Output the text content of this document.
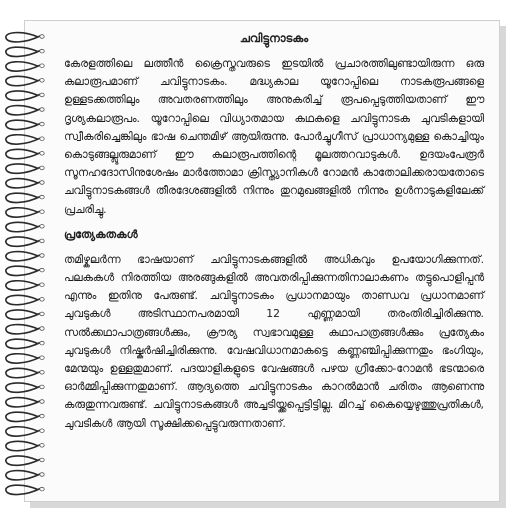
ചവിട്ടുനാടകം

കേരളത്തിലെ ലത്തീൻ ക്രൈസ്തവരുടെ ഇടയിൽ പ്രചാരത്തിലുണ്ടായിരുന്ന ഒരു കലാരൂപമാണ് ചവിട്ടുനാടകം. മദ്ധ്യകാല യൂറോപ്പിലെ നാടകരൂപങ്ങളെ ഉള്ളടക്കത്തിലും അവതരണത്തിലും അനുകരിച്ച് രൂപപ്പെടുത്തിയതാണ് ഈ ദൃശ്യകലാരൂപം. യൂറോപ്പിലെ വിധ്യാതമായ കഥകളെ ചവിട്ടുനാടക ചുവടികളായി സ്വീകരിച്ചെങ്കിലും ഭാഷ ചെന്തമിഴ് ആയിരുന്നു. പോർച്ചുഗീസ് പ്രാധാന്യമുള്ള കൊച്ചിയും കൊടുങ്ങല്ലൂരുമാണ് ഈ കലാരൂപത്തിന്റെ മൂലത്തറവാടുകൾ. ഉദയംപേരൂർ സൂനഹദോസിനുശേഷം മാർത്തോമാ ക്രിസ്ത്യാനികൾ റോമൻ കാതോലിക്കരായതോടെ ചവിട്ടുനാടകങ്ങൾ തീരദേശങ്ങളിൽ നിന്നും തുറമുഖങ്ങളിൽ നിന്നും ഉൾനാടുകളിലേക്ക് പ്രചരിച്ചു.

പ്രത്യേകതകൾ

തമിഴ്കലർന്ന ഭാഷയാണ് ചവിട്ടുനാടകങ്ങളിൽ അധികവും ഉപയോഗിക്കുന്നത്. പലകകൾ നിരത്തിയ അരങ്ങുകളിൽ അവതരിപ്പിക്കുന്നതിനാലാകണം തട്ടുപൊളിപ്പൻ എന്നും ഇതിനു പേരുണ്ട്. ചവിട്ടുനാടകം പ്രധാനമായും താണ്ഡവ പ്രധാനമാണ് ചുവടുകൾ അടിസ്ഥാനപരമായി 12 എണ്ണമായി തരംതിരിച്ചിരിക്കുന്നു. സൽക്കഥാപാത്രങ്ങൾക്കും, ക്രൗര്യ സ്വഭാവമുള്ള കഥാപാത്രങ്ങൾക്കും പ്രത്യേകം ചുവടുകൾ നിഷ്കർഷിച്ചിരിക്കുന്നു. വേഷവിധാനമാകട്ടെ കണ്ണഞ്ചിപ്പിക്കുന്നതും ഭംഗിയും, മേന്മയും ഉള്ളതുമാണ്. പദയാളികളുടെ വേഷങ്ങൾ പഴയ ഗ്രീക്കോ-റോമൻ ഭടന്മാരെ ഓർമ്മിപ്പിക്കുന്നതുമാണ്. ആദ്യത്തെ ചവിട്ടുനാടകം കാറൽമാൻ ചരിതം ആണെന്നു കരുതുന്നവരുണ്ട്. ചവിട്ടുനാടകങ്ങൾ അച്ചടിയ്ക്കപ്പെട്ടിട്ടില്ല. മിറച്ച് കൈയ്യെഴുത്തുപ്രതികൾ, ചുവടികൾ ആയി സൂക്ഷിക്കപ്പെട്ടുവരുന്നതാണ്.
